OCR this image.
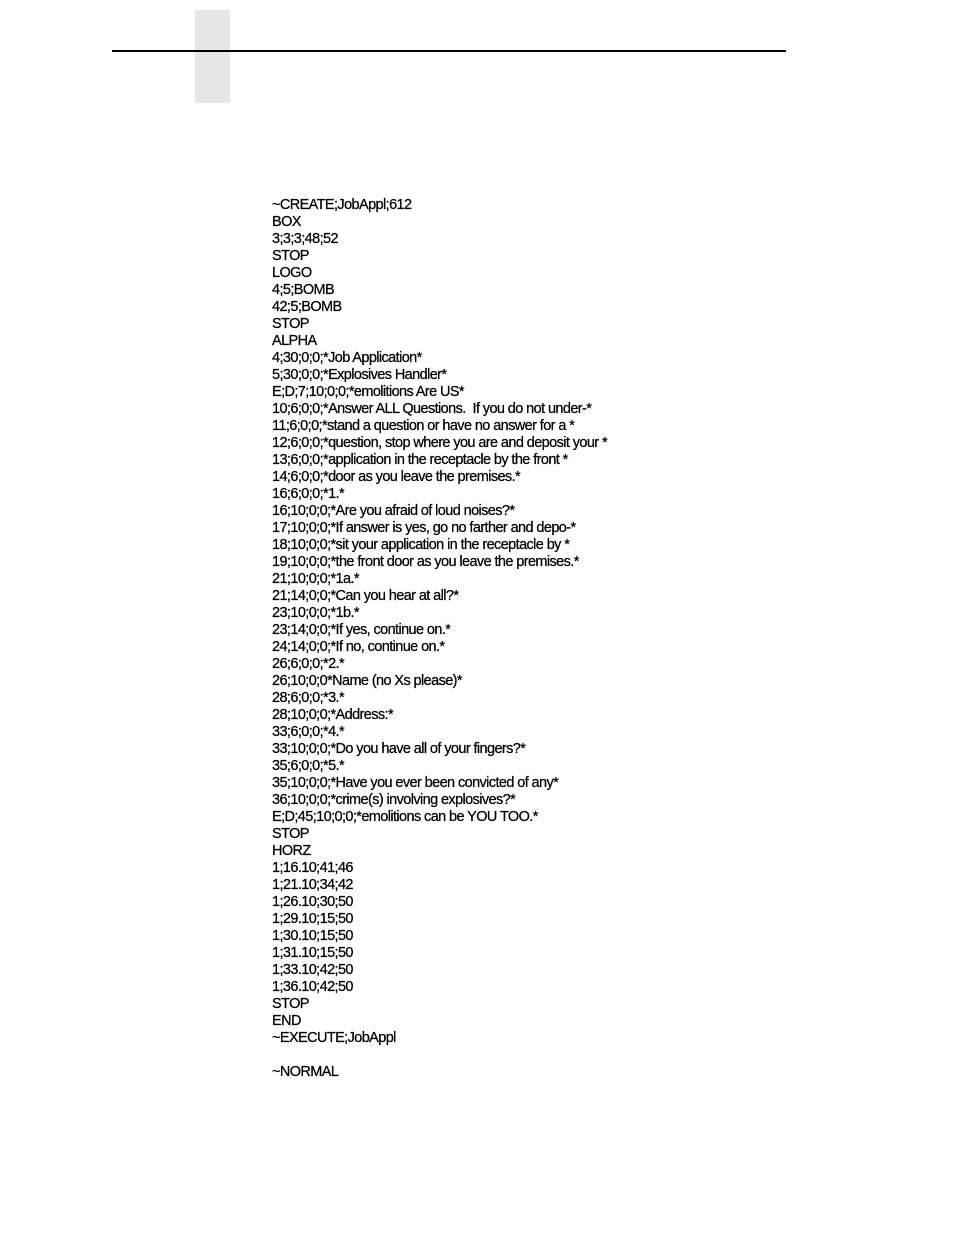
~CREATE;JobAppl;612
BOX
3;3;3;48;52
STOP
LOGO
4;5;BOMB
42;5;BOMB
STOP
ALPHA
4;30;0;0;*Job Application*
5;30;0;0;*Explosives Handler*
E;D;7;10;0;0;*emolitions Are US*
10;6;0;0;*Answer ALL Questions.  If you do not under-*
11;6;0;0;*stand a question or have no answer for a *
12;6;0;0;*question, stop where you are and deposit your *
13;6;0;0;*application in the receptacle by the front *
14;6;0;0;*door as you leave the premises.*
16;6;0;0;*1.*
16;10;0;0;*Are you afraid of loud noises?*
17;10;0;0;*If answer is yes, go no farther and depo-*
18;10;0;0;*sit your application in the receptacle by *
19;10;0;0;*the front door as you leave the premises.*
21;10;0;0;*1a.*
21;14;0;0;*Can you hear at all?*
23;10;0;0;*1b.*
23;14;0;0;*If yes, continue on.*
24;14;0;0;*If no, continue on.*
26;6;0;0;*2.*
26;10;0;0*Name (no Xs please)*
28;6;0;0;*3.*
28;10;0;0;*Address:*
33;6;0;0;*4.*
33;10;0;0;*Do you have all of your fingers?*
35;6;0;0;*5.*
35;10;0;0;*Have you ever been convicted of any*
36;10;0;0;*crime(s) involving explosives?*
E;D;45;10;0;0;*emolitions can be YOU TOO.*
STOP
HORZ
1;16.10;41;46
1;21.10;34;42
1;26.10;30;50
1;29.10;15;50
1;30.10;15;50
1;31.10;15;50
1;33.10;42;50
1;36.10;42;50
STOP
END
~EXECUTE;JobAppl
~NORMAL
